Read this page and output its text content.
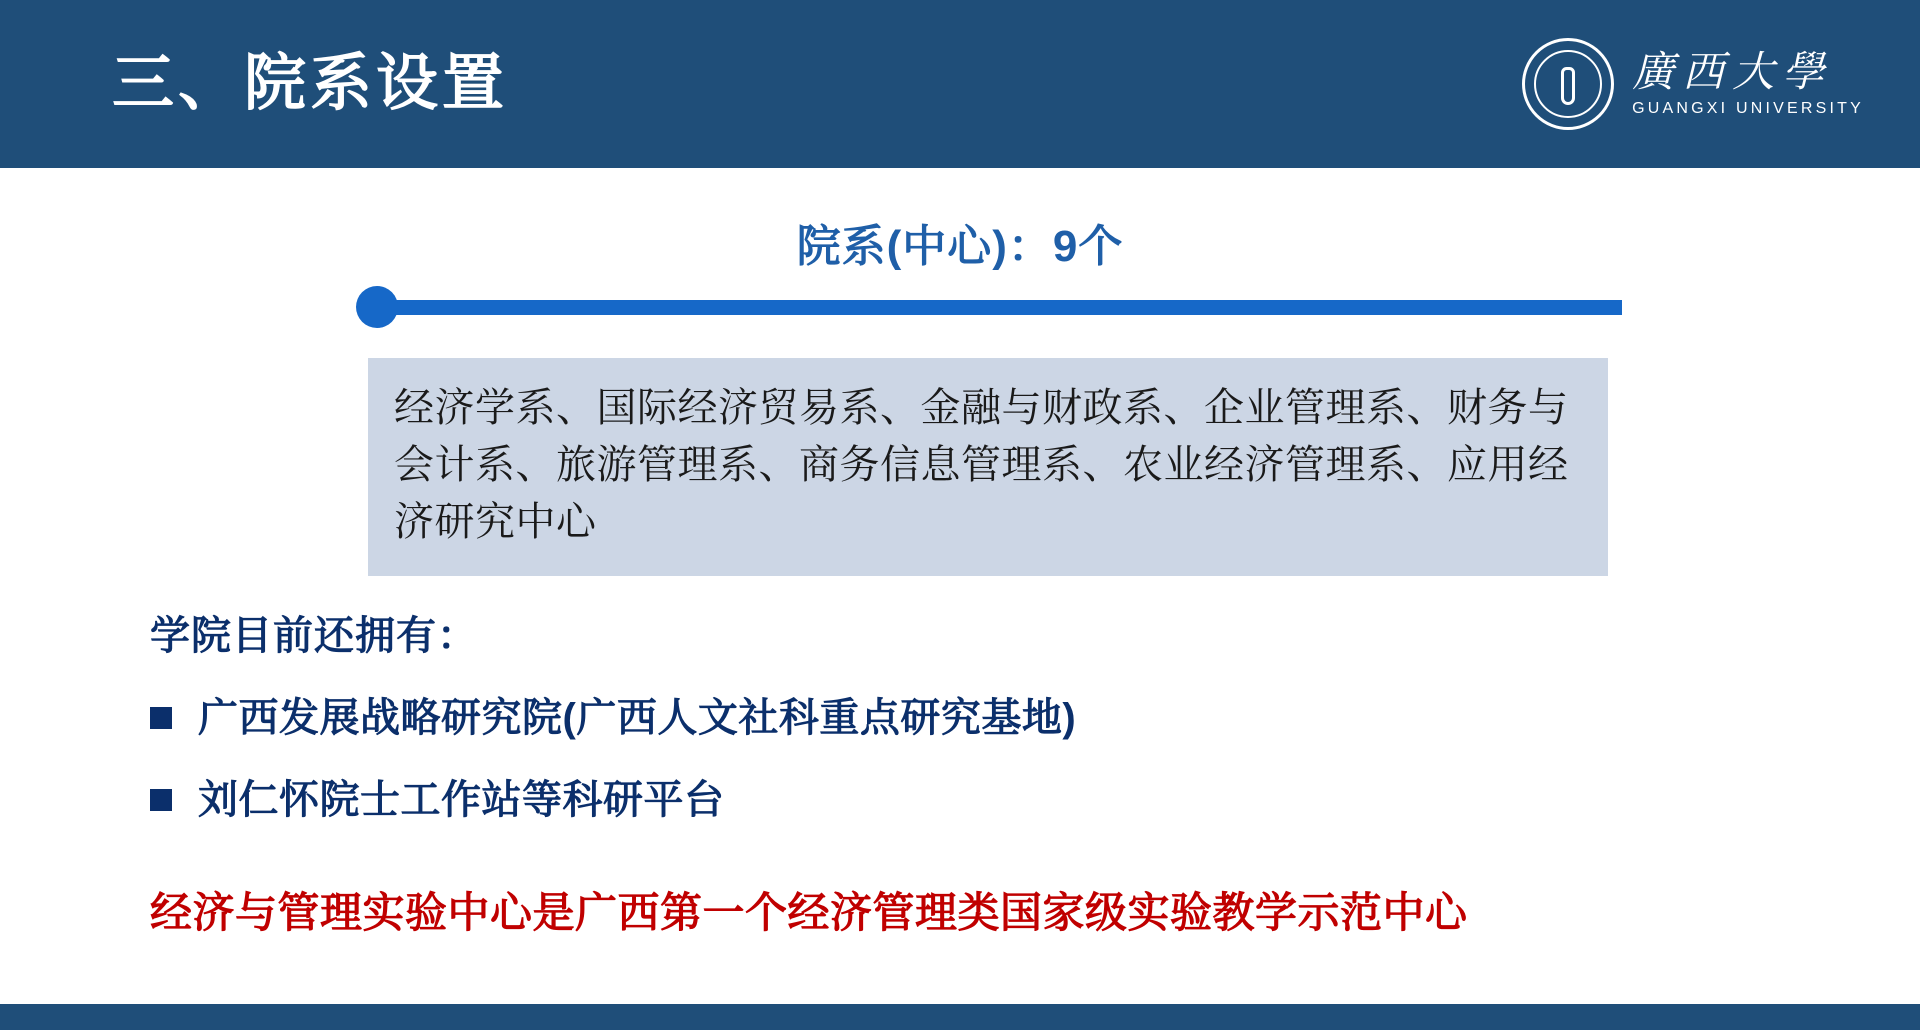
三、院系设置	廣西大學
GUANGXI UNIVERSITY
院系(中心)：9个
经济学系、国际经济贸易系、金融与财政系、企业管理系、财务与会计系、旅游管理系、商务信息管理系、农业经济管理系、应用经济研究中心
学院目前还拥有：
广西发展战略研究院(广西人文社科重点研究基地)
刘仁怀院士工作站等科研平台
经济与管理实验中心是广西第一个经济管理类国家级实验教学示范中心
